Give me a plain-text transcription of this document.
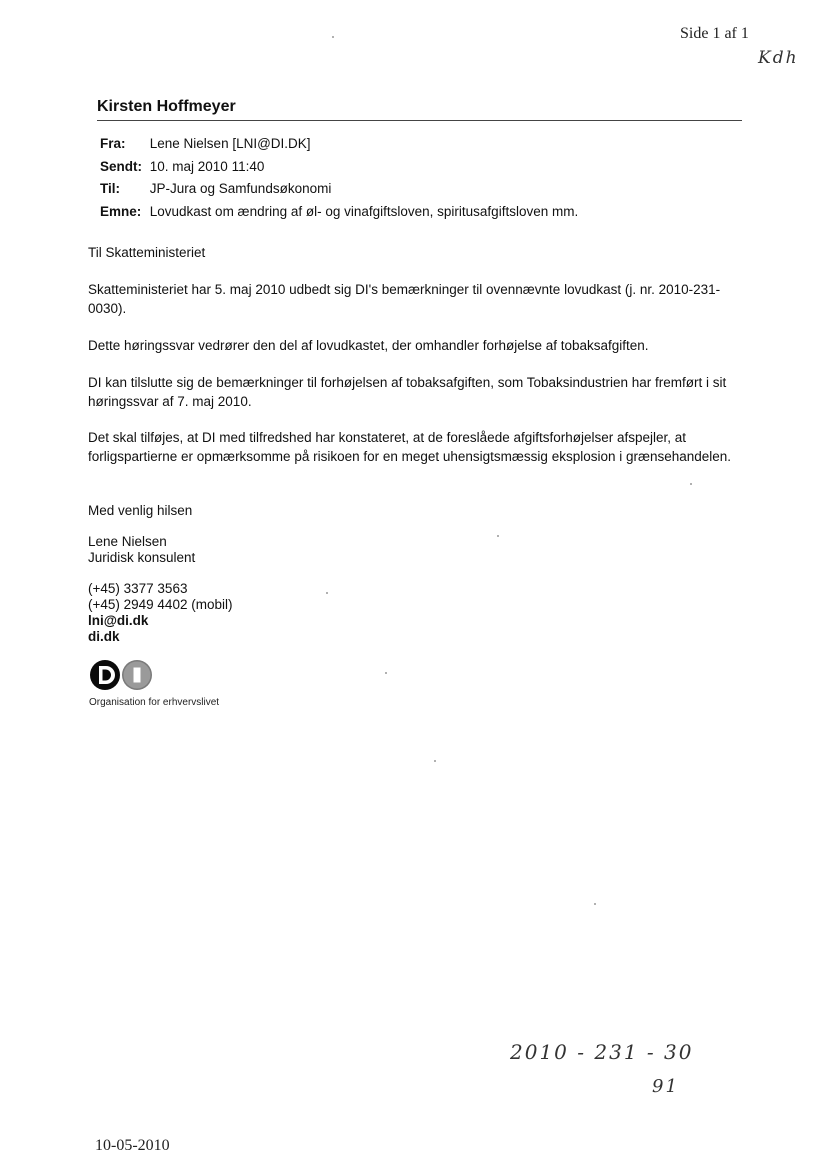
Side 1 af 1
Kdh
Kirsten Hoffmeyer
Fra: Lene Nielsen [LNI@DI.DK]
Sendt: 10. maj 2010 11:40
Til: JP-Jura og Samfundsøkonomi
Emne: Lovudkast om ændring af øl- og vinafgiftsloven, spiritusafgiftsloven mm.
Til Skatteministeriet
Skatteministeriet har 5. maj 2010 udbedt sig DI's bemærkninger til ovennævnte lovudkast (j. nr. 2010-231-0030).
Dette høringssvar vedrører den del af lovudkastet, der omhandler forhøjelse af tobaksafgiften.
DI kan tilslutte sig de bemærkninger til forhøjelsen af tobaksafgiften, som Tobaksindustrien har fremført i sit høringssvar af 7. maj 2010.
Det skal tilføjes, at DI med tilfredshed har konstateret, at de foreslåede afgiftsforhøjelser afspejler, at forligspartierne er opmærksomme på risikoen for en meget uhensigtsmæssig eksplosion i grænsehandelen.
Med venlig hilsen
Lene Nielsen
Juridisk konsulent
(+45) 3377 3563
(+45) 2949 4402 (mobil)
lni@di.dk
di.dk
Organisation for erhvervslivet
2010 - 231 - 30
91
10-05-2010
